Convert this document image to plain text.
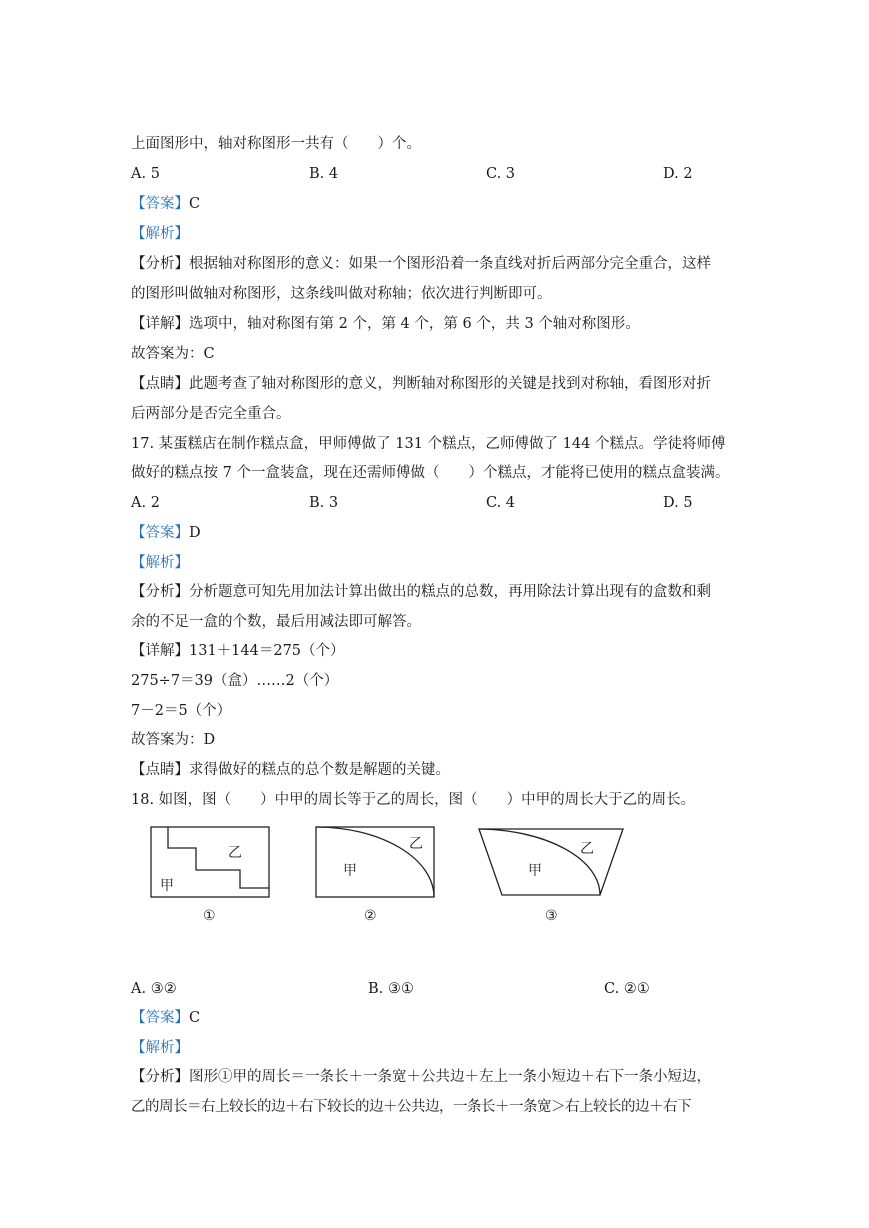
上面图形中，轴对称图形一共有（　　）个。
A. 5	B. 4	C. 3	D. 2
【答案】C
【解析】
【分析】根据轴对称图形的意义：如果一个图形沿着一条直线对折后两部分完全重合，这样
的图形叫做轴对称图形，这条线叫做对称轴；依次进行判断即可。
【详解】选项中，轴对称图有第 2 个，第 4 个，第 6 个，共 3 个轴对称图形。
故答案为：C
【点睛】此题考查了轴对称图形的意义，判断轴对称图形的关键是找到对称轴，看图形对折
后两部分是否完全重合。
17. 某蛋糕店在制作糕点盒，甲师傅做了 131 个糕点，乙师傅做了 144 个糕点。学徒将师傅
做好的糕点按 7 个一盒装盒，现在还需师傅做（　　）个糕点，才能将已使用的糕点盒装满。
A. 2	B. 3	C. 4	D. 5
【答案】D
【解析】
【分析】分析题意可知先用加法计算出做出的糕点的总数，再用除法计算出现有的盒数和剩
余的不足一盒的个数，最后用减法即可解答。
【详解】131＋144＝275（个）
275÷7＝39（盒）……2（个）
7－2＝5（个）
故答案为：D
【点睛】求得做好的糕点的总个数是解题的关键。
18. 如图，图（　　）中甲的周长等于乙的周长，图（　　）中甲的周长大于乙的周长。
乙
甲
①
乙
甲
②
乙
甲
③
A. ③②	B. ③①	C. ②①
【答案】C
【解析】
【分析】图形①甲的周长＝一条长＋一条宽＋公共边＋左上一条小短边＋右下一条小短边，
乙的周长＝右上较长的边＋右下较长的边＋公共边，一条长＋一条宽＞右上较长的边＋右下
